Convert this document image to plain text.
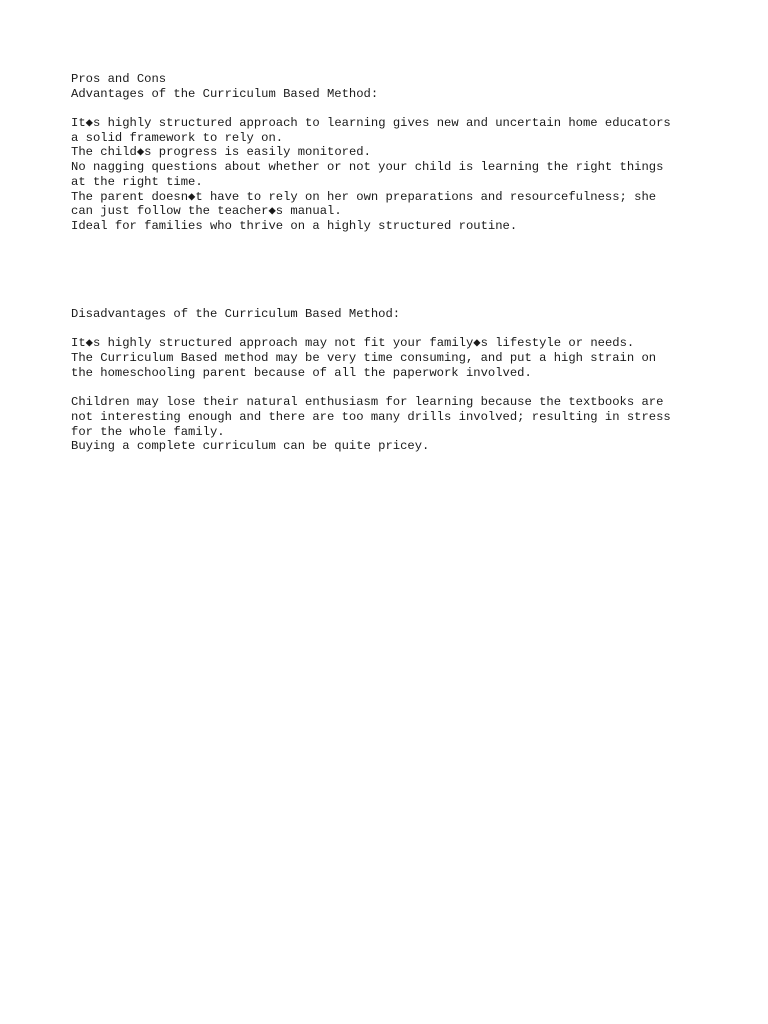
Pros and Cons
Advantages of the Curriculum Based Method:
It◆s highly structured approach to learning gives new and uncertain home educators
a solid framework to rely on.
The child◆s progress is easily monitored.
No nagging questions about whether or not your child is learning the right things
at the right time.
The parent doesn◆t have to rely on her own preparations and resourcefulness; she
can just follow the teacher◆s manual.
Ideal for families who thrive on a highly structured routine.
Disadvantages of the Curriculum Based Method:
It◆s highly structured approach may not fit your family◆s lifestyle or needs.
The Curriculum Based method may be very time consuming, and put a high strain on
the homeschooling parent because of all the paperwork involved.
Children may lose their natural enthusiasm for learning because the textbooks are
not interesting enough and there are too many drills involved; resulting in stress
for the whole family.
Buying a complete curriculum can be quite pricey.
